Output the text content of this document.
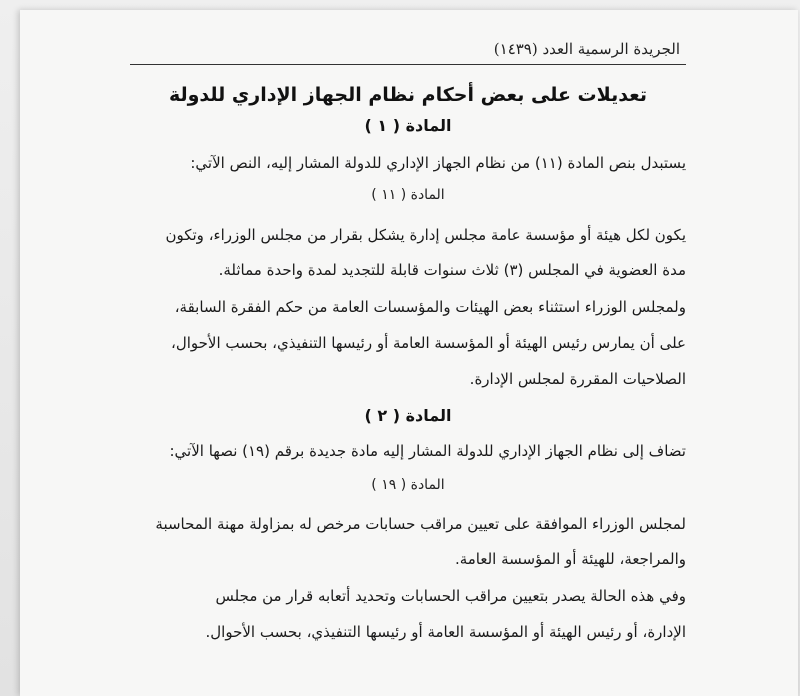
الجريدة الرسمية العدد (١٤٣٩)
تعديلات على بعض أحكام نظام الجهاز الإداري للدولة
المادة ( ١ )
يستبدل بنص المادة (١١) من نظام الجهاز الإداري للدولة المشار إليه، النص الآتي:
المادة ( ١١ )
يكون لكل هيئة أو مؤسسة عامة مجلس إدارة يشكل بقرار من مجلس الوزراء، وتكون
مدة العضوية في المجلس (٣) ثلاث سنوات قابلة للتجديد لمدة واحدة مماثلة.
ولمجلس الوزراء استثناء بعض الهيئات والمؤسسات العامة من حكم الفقرة السابقة،
على أن يمارس رئيس الهيئة أو المؤسسة العامة أو رئيسها التنفيذي، بحسب الأحوال،
الصلاحيات المقررة لمجلس الإدارة.
المادة ( ٢ )
تضاف إلى نظام الجهاز الإداري للدولة المشار إليه مادة جديدة برقم (١٩) نصها الآتي:
المادة ( ١٩ )
لمجلس الوزراء الموافقة على تعيين مراقب حسابات مرخص له بمزاولة مهنة المحاسبة
والمراجعة، للهيئة أو المؤسسة العامة.
وفي هذه الحالة يصدر بتعيين مراقب الحسابات وتحديد أتعابه قرار من مجلس
الإدارة، أو رئيس الهيئة أو المؤسسة العامة أو رئيسها التنفيذي، بحسب الأحوال.
